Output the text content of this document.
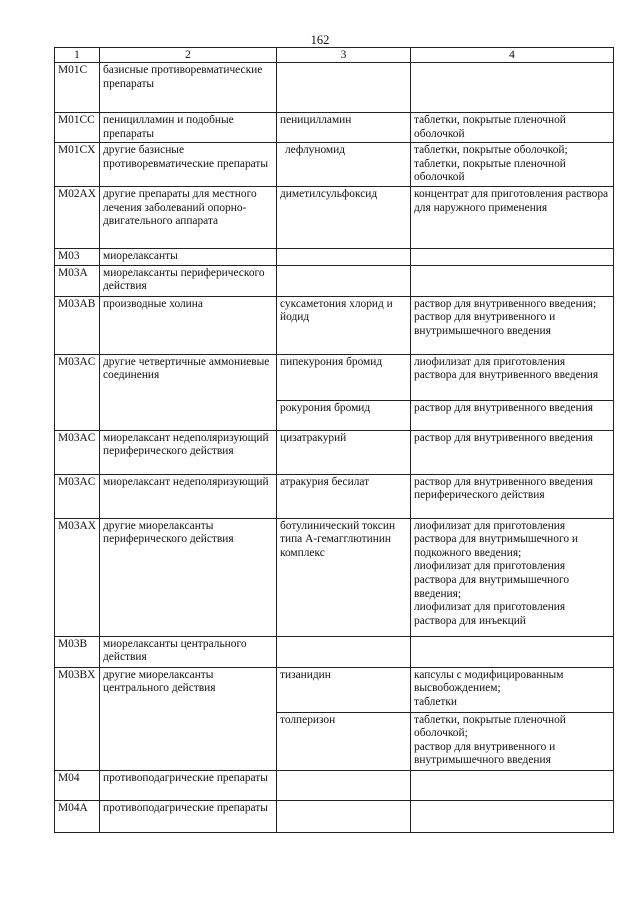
162
1	2	3	4
M01C	базисные противоревматические препараты		
M01CC	пеницилламин и подобные препараты	пеницилламин	таблетки, покрытые пленочной оболочкой

M01CX	другие базисные противоревматические препараты	лефлуномид	таблетки, покрытые оболочкой;
таблетки, покрытые пленочной оболочкой

M02AX	другие препараты для местного лечения заболеваний опорно-двигательного аппарата	диметилсульфоксид	концентрат для приготовления раствора для наружного применения

M03	миорелаксанты		
M03A	миорелаксанты периферического действия		
M03AB	производные холина	суксаметония хлорид и йодид	раствор для внутривенного введения;
раствор для внутривенного и внутримышечного введения

M03AC	другие четвертичные аммониевые соединения	пипекурония бромид	лиофилизат для приготовления раствора для внутривенного введения

		рокурония бромид	раствор для внутривенного введения

M03AC	миорелаксант недеполяризующий периферического действия	цизатракурий	раствор для внутривенного введения

M03AC	миорелаксант недеполяризующий	атракурия бесилат	раствор для внутривенного введения периферического действия

M03AX	другие миорелаксанты периферического действия	ботулинический токсин типа A-гемагглютинин комплекс	лиофилизат для приготовления раствора для внутримышечного и подкожного введения;
лиофилизат для приготовления раствора для внутримышечного введения;
лиофилизат для приготовления раствора для инъекций

M03B	миорелаксанты центрального действия		
M03BX	другие миорелаксанты центрального действия	тизанидин	капсулы с модифицированным высвобождением;
таблетки

		толперизон	таблетки, покрытые пленочной оболочкой;
раствор для внутривенного и внутримышечного введения

M04	противоподагрические препараты		
M04A	противоподагрические препараты		
